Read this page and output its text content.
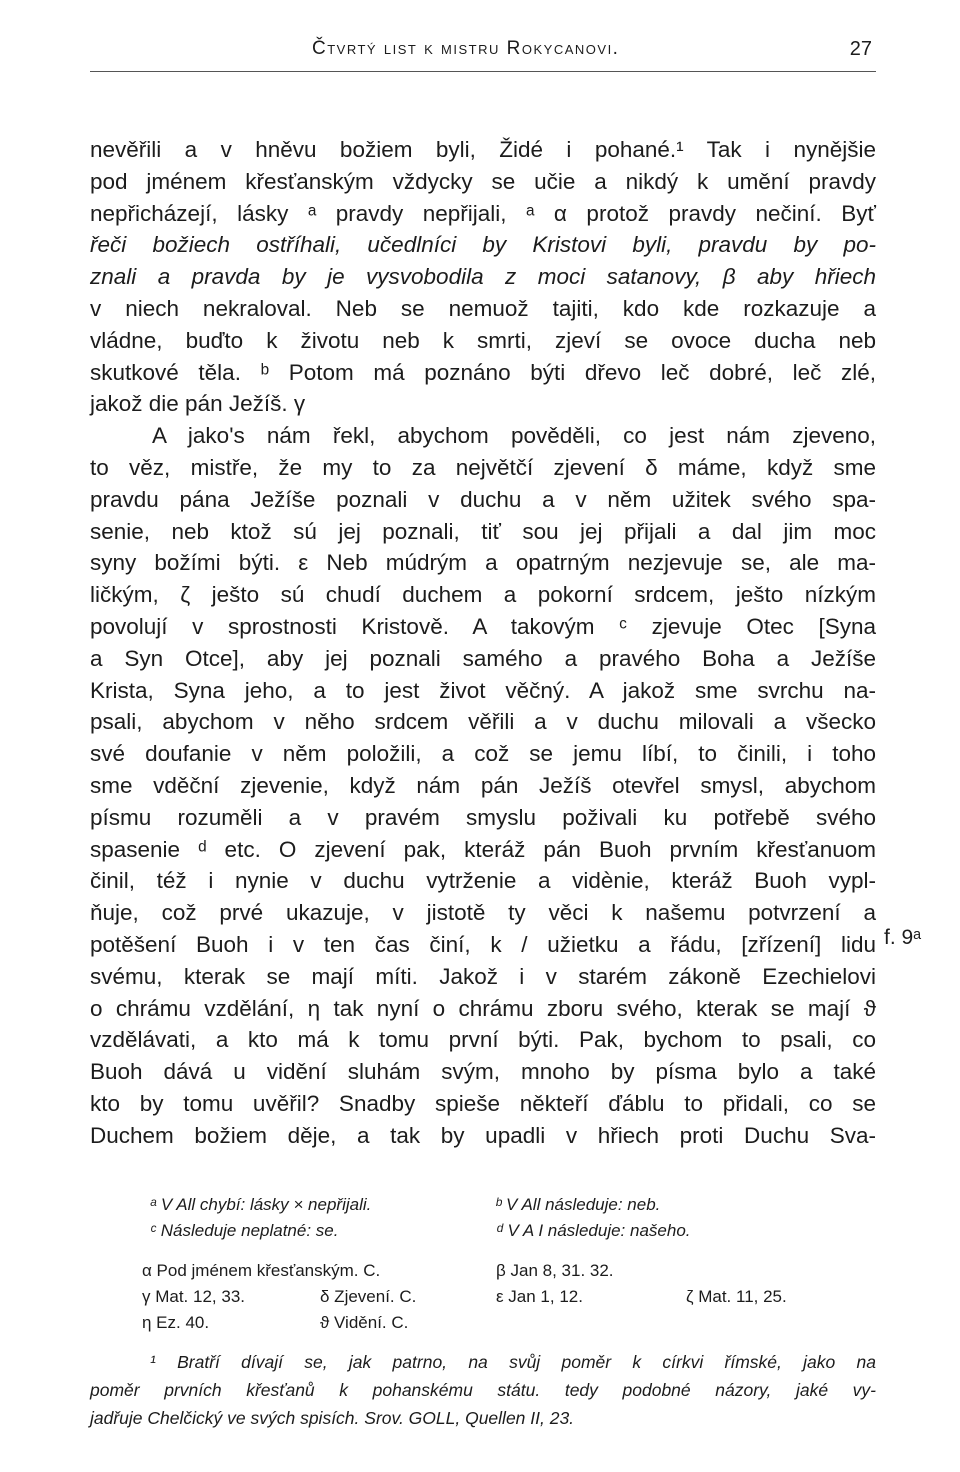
Čtvrtý list k mistru Rokycanovi.	27
nevěřili a v hněvu božiem byli, Židé i pohané.¹ Tak i nynějšie
pod jménem křesťanským vždycky se učie a nikdý k umění pravdy
nepřicházejí, lásky ᵃ pravdy nepřijali, ᵃ α protož pravdy nečiní. Byť
řeči božiech ostříhali, učedlníci by Kristovi byli, pravdu by po-
znali a pravda by je vysvobodila z moci satanovy, β aby hřiech
v niech nekraloval. Neb se nemuož tajiti, kdo kde rozkazuje a
vládne, buďto k životu neb k smrti, zjeví se ovoce ducha neb
skutkové těla. ᵇ Potom má poznáno býti dřevo leč dobré, leč zlé,
jakož die pán Ježíš. γ
A jako's nám řekl, abychom pověděli, co jest nám zjeveno,
to věz, mistře, že my to za největčí zjevení δ máme, když sme
pravdu pána Ježíše poznali v duchu a v něm užitek svého spa-
senie, neb ktož sú jej poznali, tiť sou jej přijali a dal jim moc
syny božími býti. ε Neb múdrým a opatrným nezjevuje se, ale ma-
ličkým, ζ ješto sú chudí duchem a pokorní srdcem, ješto nízkým
povolují v sprostnosti Kristově. A takovým ᶜ zjevuje Otec [Syna
a Syn Otce], aby jej poznali samého a pravého Boha a Ježíše
Krista, Syna jeho, a to jest život věčný. A jakož sme svrchu na-
psali, abychom v něho srdcem věřili a v duchu milovali a všecko
své doufanie v něm položili, a což se jemu líbí, to činili, i toho
sme vděční zjevenie, když nám pán Ježíš otevřel smysl, abychom
písmu rozuměli a v pravém smyslu poživali ku potřebě svého
spasenie ᵈ etc. O zjevení pak, kteráž pán Buoh prvním křesťanuom
činil, též i nynie v duchu vytrženie a vidènie, kteráž Buoh vypl-
ňuje, což prvé ukazuje, v jistotě ty věci k našemu potvrzení a
potěšení Buoh i v ten čas činí, k / užietku a řádu, [zřízení] lidu
svému, kterak se mají míti. Jakož i v starém zákoně Ezechielovi
o chrámu vzdělání, η tak nyní o chrámu zboru svého, kterak se mají ϑ
vzdělávati, a kto má k tomu první býti. Pak, bychom to psali, co
Buoh dává u vidění sluhám svým, mnoho by písma bylo a také
kto by tomu uvěřil? Snadby spieše někteří ďáblu to přidali, co se
Duchem božiem děje, a tak by upadli v hřiech proti Duchu Sva-
f. 9ᵃ
ᵃ V All chybí: lásky × nepřijali.	ᵇ V All následuje: neb.
ᶜ Následuje neplatné: se.	ᵈ V A I následuje: našeho.
α Pod jménem křesťanským. C.	β Jan 8, 31. 32.
γ Mat. 12, 33.	δ Zjevení. C.	ε Jan 1, 12.	ζ Mat. 11, 25.
η Ez. 40.	ϑ Vidění. C.
¹ Bratří dívají se, jak patrno, na svůj poměr k církvi římské, jako na
poměr prvních křesťanů k pohanskému státu. tedy podobné názory, jaké vy-
jadřuje Chelčický ve svých spisích. Srov. GOLL, Quellen II, 23.
